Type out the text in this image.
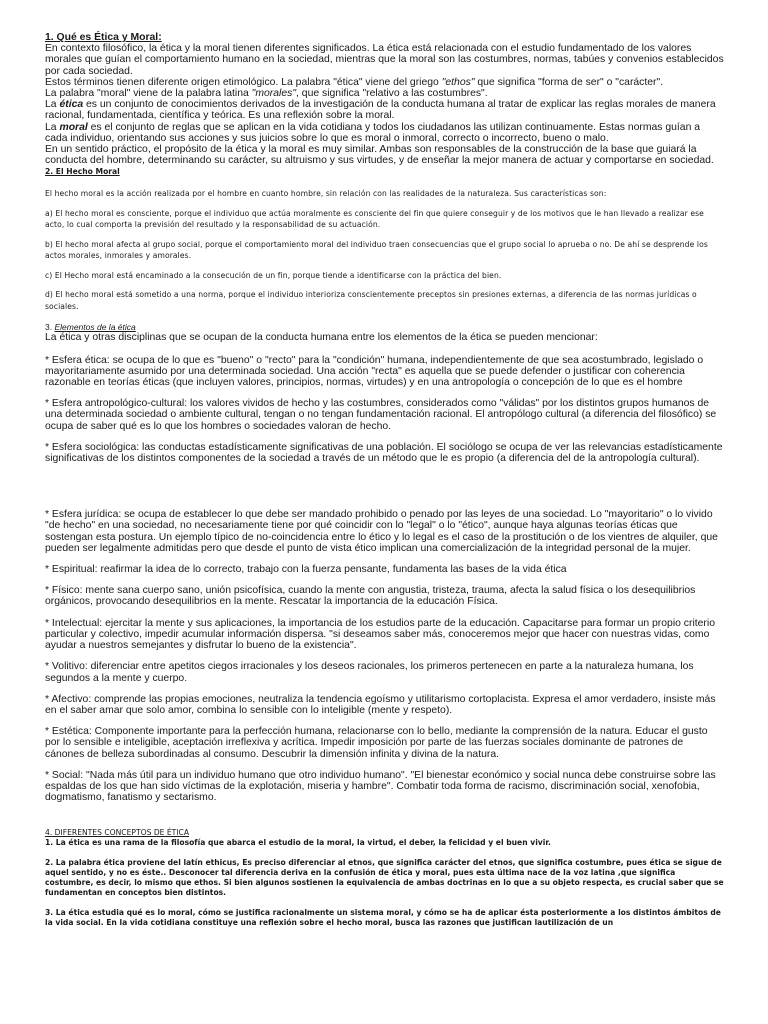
1. Qué es Ética y Moral:

En contexto filosófico, la ética y la moral tienen diferentes significados. La ética está relacionada con el estudio fundamentado de los valores morales que guían el comportamiento humano en la sociedad, mientras que la moral son las costumbres, normas, tabúes y convenios establecidos por cada sociedad.

Estos términos tienen diferente origen etimológico. La palabra "ética" viene del griego "ethos" que significa "forma de ser" o "carácter".

La palabra "moral" viene de la palabra latina "morales", que significa "relativo a las costumbres".

La ética es un conjunto de conocimientos derivados de la investigación de la conducta humana al tratar de explicar las reglas morales de manera racional, fundamentada, científica y teórica. Es una reflexión sobre la moral.

La moral es el conjunto de reglas que se aplican en la vida cotidiana y todos los ciudadanos las utilizan continuamente. Estas normas guían a cada individuo, orientando sus acciones y sus juicios sobre lo que es moral o inmoral, correcto o incorrecto, bueno o malo.

En un sentido práctico, el propósito de la ética y la moral es muy similar. Ambas son responsables de la construcción de la base que guiará la conducta del hombre, determinando su carácter, su altruismo y sus virtudes, y de enseñar la mejor manera de actuar y comportarse en sociedad.

2. El Hecho Moral

El hecho moral es la acción realizada por el hombre en cuanto hombre, sin relación con las realidades de la naturaleza. Sus características son:

a) El hecho moral es consciente, porque el individuo que actúa moralmente es consciente del fin que quiere conseguir y de los motivos que le han llevado a realizar ese acto, lo cual comporta la previsión del resultado y la responsabilidad de su actuación.

b) El hecho moral afecta al grupo social, porque el comportamiento moral del individuo traen consecuencias que el grupo social lo aprueba o no. De ahí se desprende los actos morales, inmorales y amorales.

c) El Hecho moral está encaminado a la consecución de un fin, porque tiende a identificarse con la práctica del bien.

d) El hecho moral está sometido a una norma, porque el individuo interioriza conscientemente preceptos sin presiones externas, a diferencia de las normas jurídicas o sociales.

3. Elementos de la ética

La ética y otras disciplinas que se ocupan de la conducta humana entre los elementos de la ética se pueden mencionar:

* Esfera ética: se ocupa de lo que es "bueno" o "recto" para la "condición" humana, independientemente de que sea acostumbrado, legislado o mayoritariamente asumido por una determinada sociedad. Una acción "recta" es aquella que se puede defender o justificar con coherencia razonable en teorías éticas (que incluyen valores, principios, normas, virtudes) y en una antropología o concepción de lo que es el hombre

* Esfera antropológico-cultural: los valores vividos de hecho y las costumbres, considerados como "válidas" por los distintos grupos humanos de una determinada sociedad o ambiente cultural, tengan o no tengan fundamentación racional. El antropólogo cultural (a diferencia del filosófico) se ocupa de saber qué es lo que los hombres o sociedades valoran de hecho.

* Esfera sociológica: las conductas estadísticamente significativas de una población. El sociólogo se ocupa de ver las relevancias estadísticamente significativas de los distintos componentes de la sociedad a través de un método que le es propio (a diferencia del de la antropología cultural).

* Esfera jurídica: se ocupa de establecer lo que debe ser mandado prohibido o penado por las leyes de una sociedad. Lo "mayoritario" o lo vivido "de hecho" en una sociedad, no necesariamente tiene por qué coincidir con lo "legal" o lo "ético", aunque haya algunas teorías éticas que sostengan esta postura. Un ejemplo típico de no-coincidencia entre lo ético y lo legal es el caso de la prostitución o de los vientres de alquiler, que pueden ser legalmente admitidas pero que desde el punto de vista ético implican una comercialización de la integridad personal de la mujer.

* Espiritual: reafirmar la idea de lo correcto, trabajo con la fuerza pensante, fundamenta las bases de la vida ética

* Físico: mente sana cuerpo sano, unión psicofísica, cuando la mente con angustia, tristeza, trauma, afecta la salud física o los desequilibrios orgánicos, provocando desequilibrios en la mente. Rescatar la importancia de la educación Física.

* Intelectual: ejercitar la mente y sus aplicaciones, la importancia de los estudios parte de la educación. Capacitarse para formar un propio criterio particular y colectivo, impedir acumular información dispersa. "si deseamos saber más, conoceremos mejor que hacer con nuestras vidas, como ayudar a nuestros semejantes y disfrutar lo bueno de la existencia".

* Volitivo: diferenciar entre apetitos ciegos irracionales y los deseos racionales, los primeros pertenecen en parte a la naturaleza humana, los segundos a la mente y cuerpo.

* Afectivo: comprende las propias emociones, neutraliza la tendencia egoísmo y utilitarismo cortoplacista. Expresa el amor verdadero, insiste más en el saber amar que solo amor, combina lo sensible con lo inteligible (mente y respeto).

* Estética: Componente importante para la perfección humana, relacionarse con lo bello, mediante la comprensión de la natura. Educar el gusto por lo sensible e inteligible, aceptación irreflexiva y acrítica. Impedir imposición por parte de las fuerzas sociales dominante de patrones de cánones de belleza subordinadas al consumo. Descubrir la dimensión infinita y divina de la natura.

* Social: "Nada más útil para un individuo humano que otro individuo humano". "El bienestar económico y social nunca debe construirse sobre las espaldas de los que han sido víctimas de la explotación, miseria y hambre". Combatir toda forma de racismo, discriminación social, xenofobia, dogmatismo, fanatismo y sectarismo.

4. DIFERENTES CONCEPTOS DE ÉTICA

1. La ética es una rama de la filosofía que abarca el estudio de la moral, la virtud, el deber, la felicidad y el buen vivir.

2. La palabra ética proviene del latín ethicus, Es preciso diferenciar al etnos, que significa carácter del etnos, que significa costumbre, pues ética se sigue de aquel sentido, y no es éste.. Desconocer tal diferencia deriva en la confusión de ética y moral, pues esta última nace de la voz latina ,que significa costumbre, es decir, lo mismo que ethos. Si bien algunos sostienen la equivalencia de ambas doctrinas en lo que a su objeto respecta, es crucial saber que se fundamentan en conceptos bien distintos.

3. La ética estudia qué es lo moral, cómo se justifica racionalmente un sistema moral, y cómo se ha de aplicar ésta posteriormente a los distintos ámbitos de la vida social. En la vida cotidiana constituye una reflexión sobre el hecho moral, busca las razones que justifican lautilización de un
